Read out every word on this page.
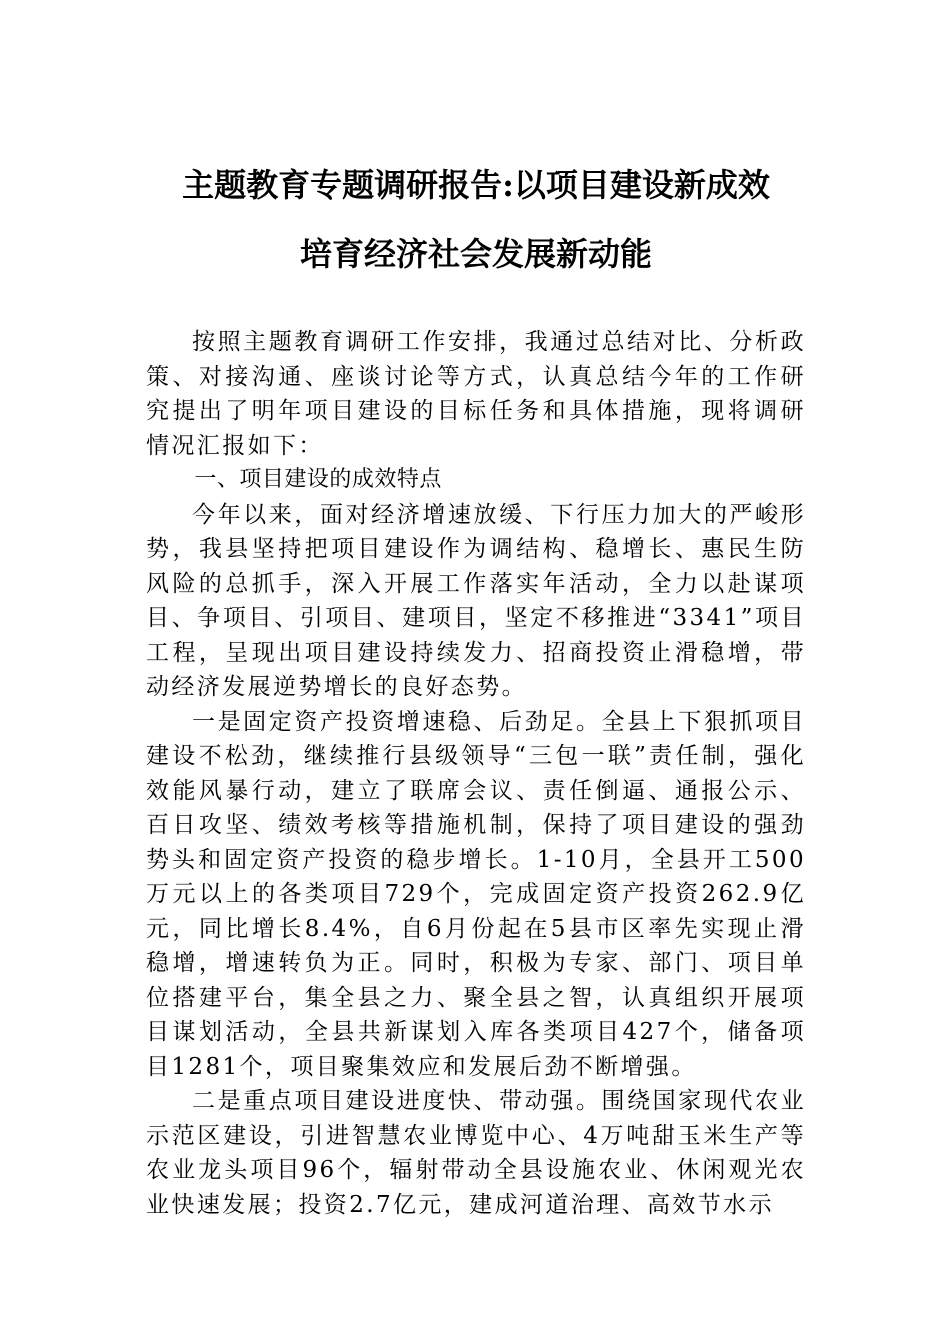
主题教育专题调研报告:以项目建设新成效
培育经济社会发展新动能

按照主题教育调研工作安排，我通过总结对比、分析政策、对接沟通、座谈讨论等方式，认真总结今年的工作研究提出了明年项目建设的目标任务和具体措施，现将调研情况汇报如下：

一、项目建设的成效特点

今年以来，面对经济增速放缓、下行压力加大的严峻形势，我县坚持把项目建设作为调结构、稳增长、惠民生防风险的总抓手，深入开展工作落实年活动，全力以赴谋项目、争项目、引项目、建项目，坚定不移推进“3341”项目工程，呈现出项目建设持续发力、招商投资止滑稳增，带动经济发展逆势增长的良好态势。

一是固定资产投资增速稳、后劲足。全县上下狠抓项目建设不松劲，继续推行县级领导“三包一联”责任制，强化效能风暴行动，建立了联席会议、责任倒逼、通报公示、百日攻坚、绩效考核等措施机制，保持了项目建设的强劲势头和固定资产投资的稳步增长。1-10月，全县开工500万元以上的各类项目729个，完成固定资产投资262.9亿元，同比增长8.4%，自6月份起在5县市区率先实现止滑稳增，增速转负为正。同时，积极为专家、部门、项目单位搭建平台，集全县之力、聚全县之智，认真组织开展项目谋划活动，全县共新谋划入库各类项目427个，储备项目1281个，项目聚集效应和发展后劲不断增强。

二是重点项目建设进度快、带动强。围绕国家现代农业示范区建设，引进智慧农业博览中心、4万吨甜玉米生产等农业龙头项目96个，辐射带动全县设施农业、休闲观光农业快速发展；投资2.7亿元，建成河道治理、高效节水示
